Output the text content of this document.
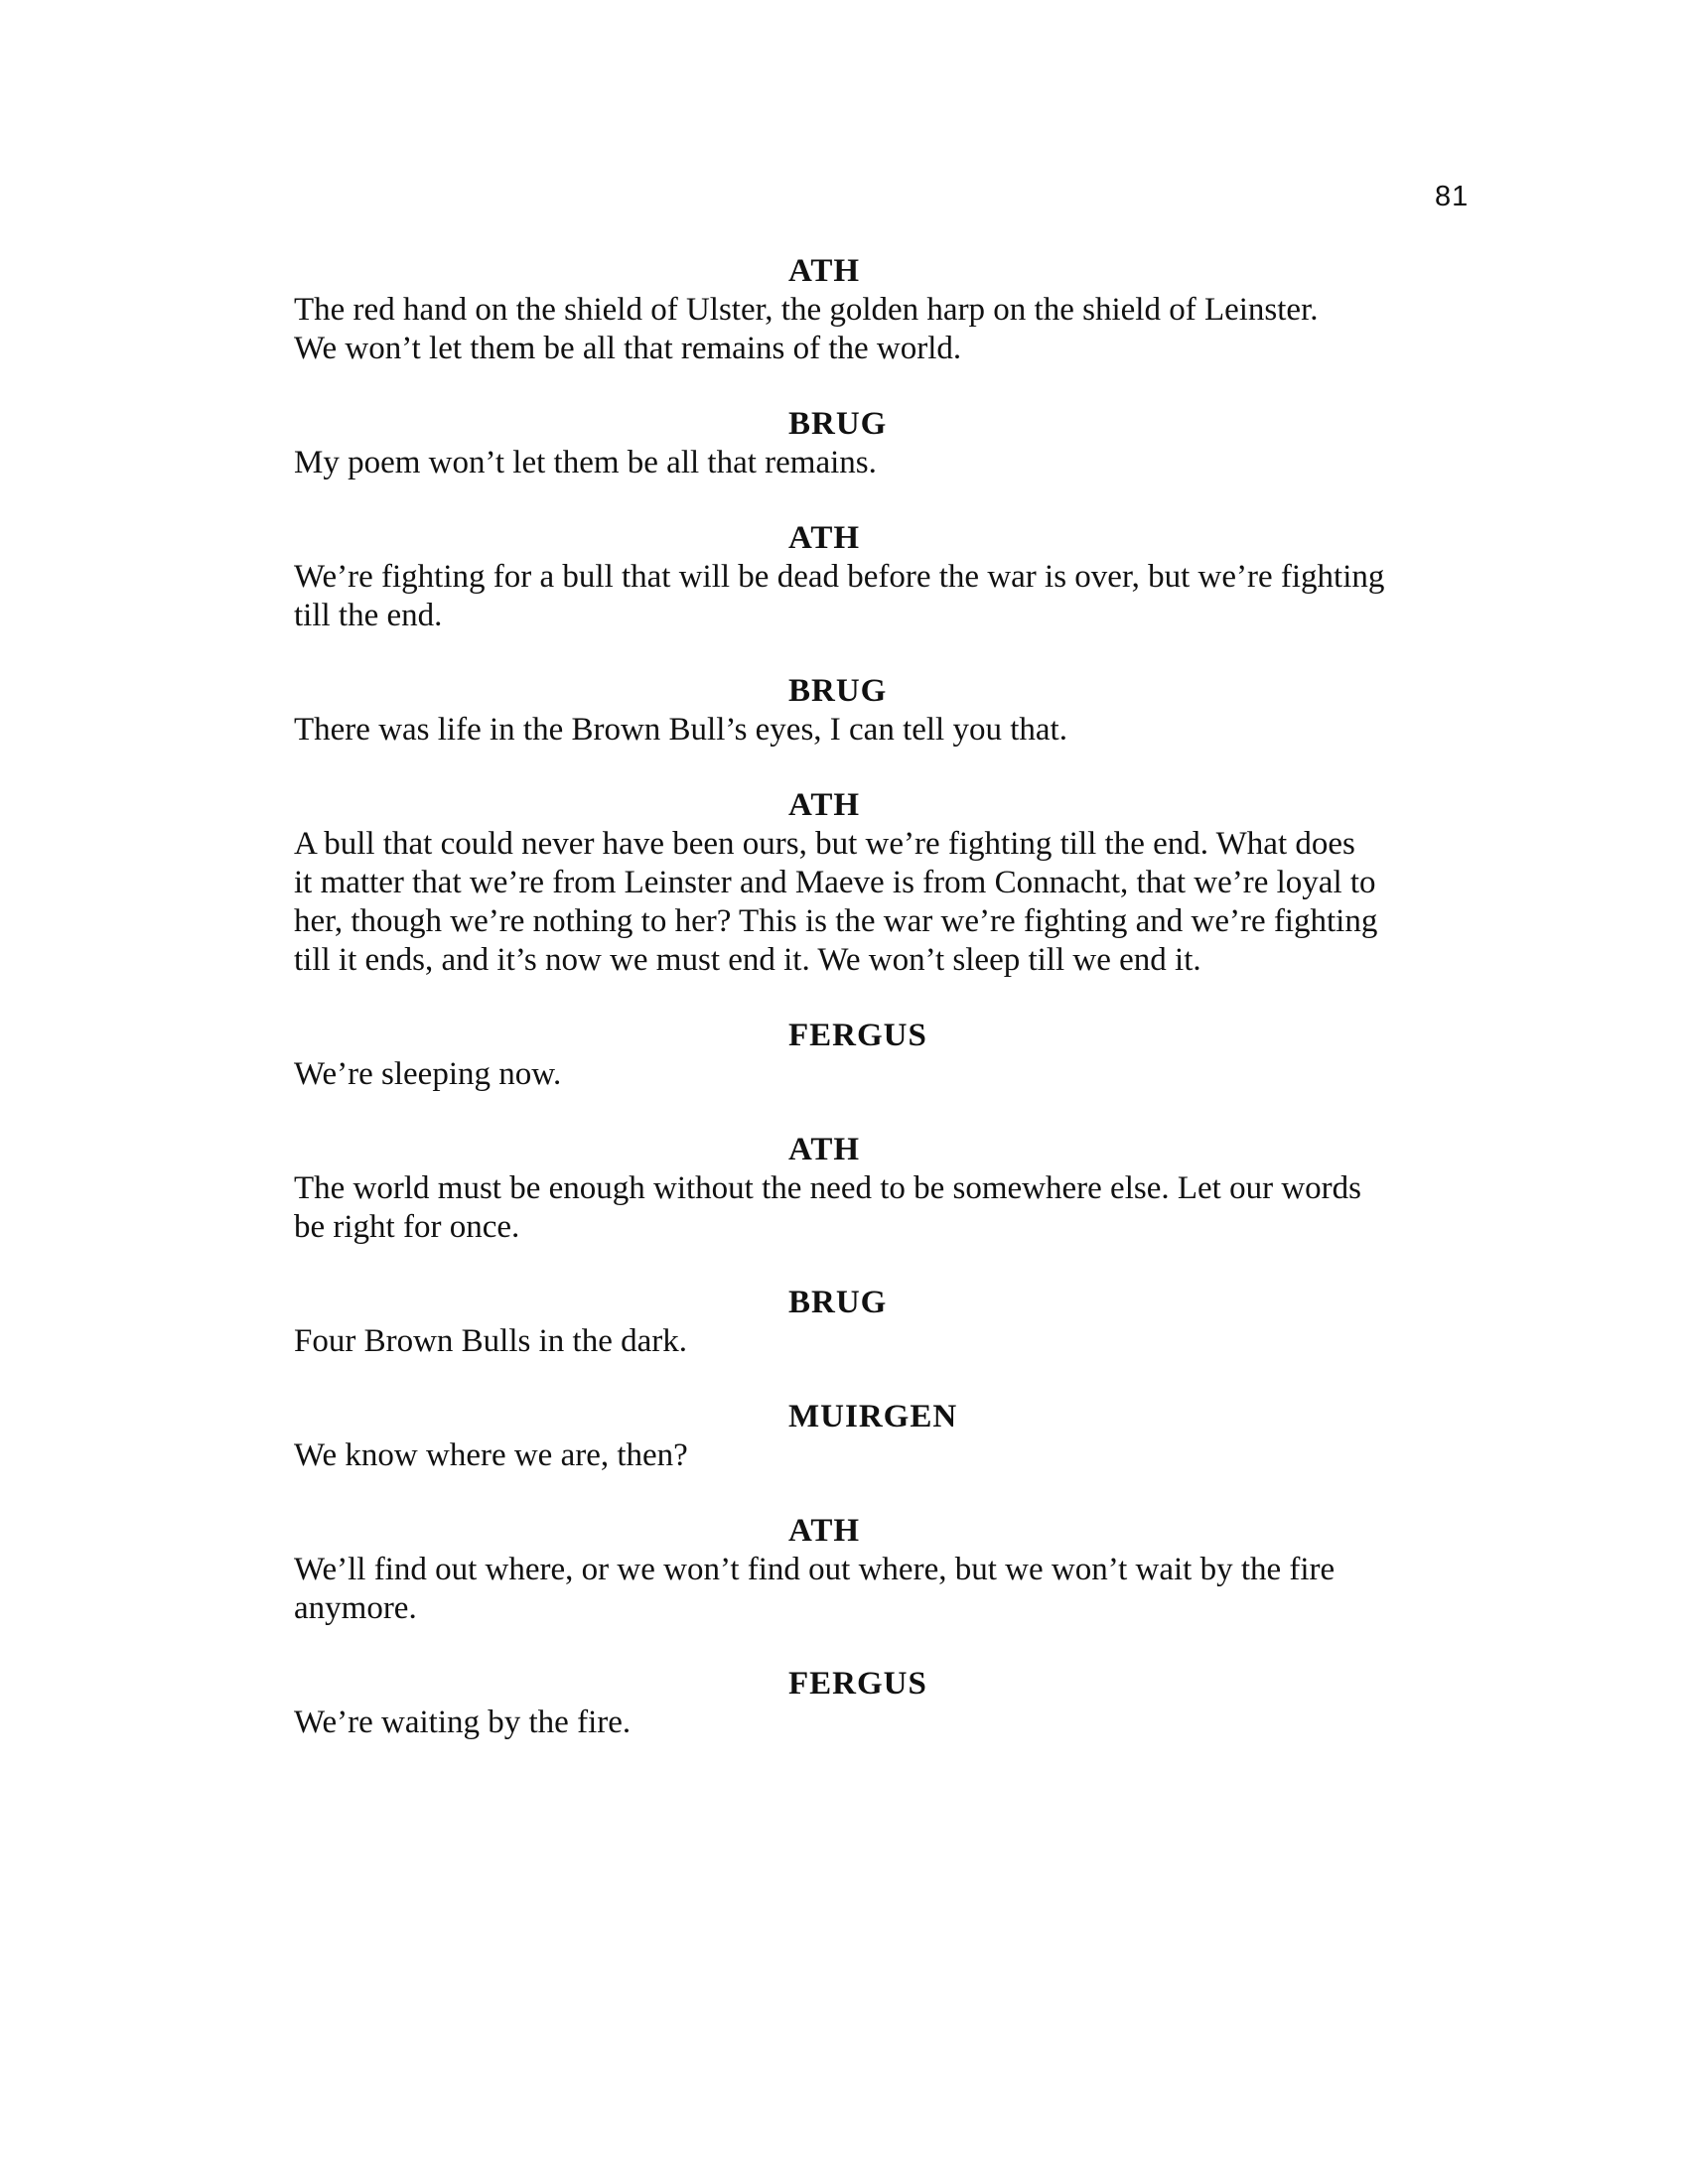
81

ATH

The red hand on the shield of Ulster, the golden harp on the shield of Leinster.

We won’t let them be all that remains of the world.

BRUG

My poem won’t let them be all that remains.

ATH

We’re fighting for a bull that will be dead before the war is over, but we’re fighting

till the end.

BRUG

There was life in the Brown Bull’s eyes, I can tell you that.

ATH

A bull that could never have been ours, but we’re fighting till the end. What does

it matter that we’re from Leinster and Maeve is from Connacht, that we’re loyal to

her, though we’re nothing to her? This is the war we’re fighting and we’re fighting

till it ends, and it’s now we must end it. We won’t sleep till we end it.

FERGUS

We’re sleeping now.

ATH

The world must be enough without the need to be somewhere else. Let our words

be right for once.

BRUG

Four Brown Bulls in the dark.

MUIRGEN

We know where we are, then?

ATH

We’ll find out where, or we won’t find out where, but we won’t wait by the fire

anymore.

FERGUS

We’re waiting by the fire.
